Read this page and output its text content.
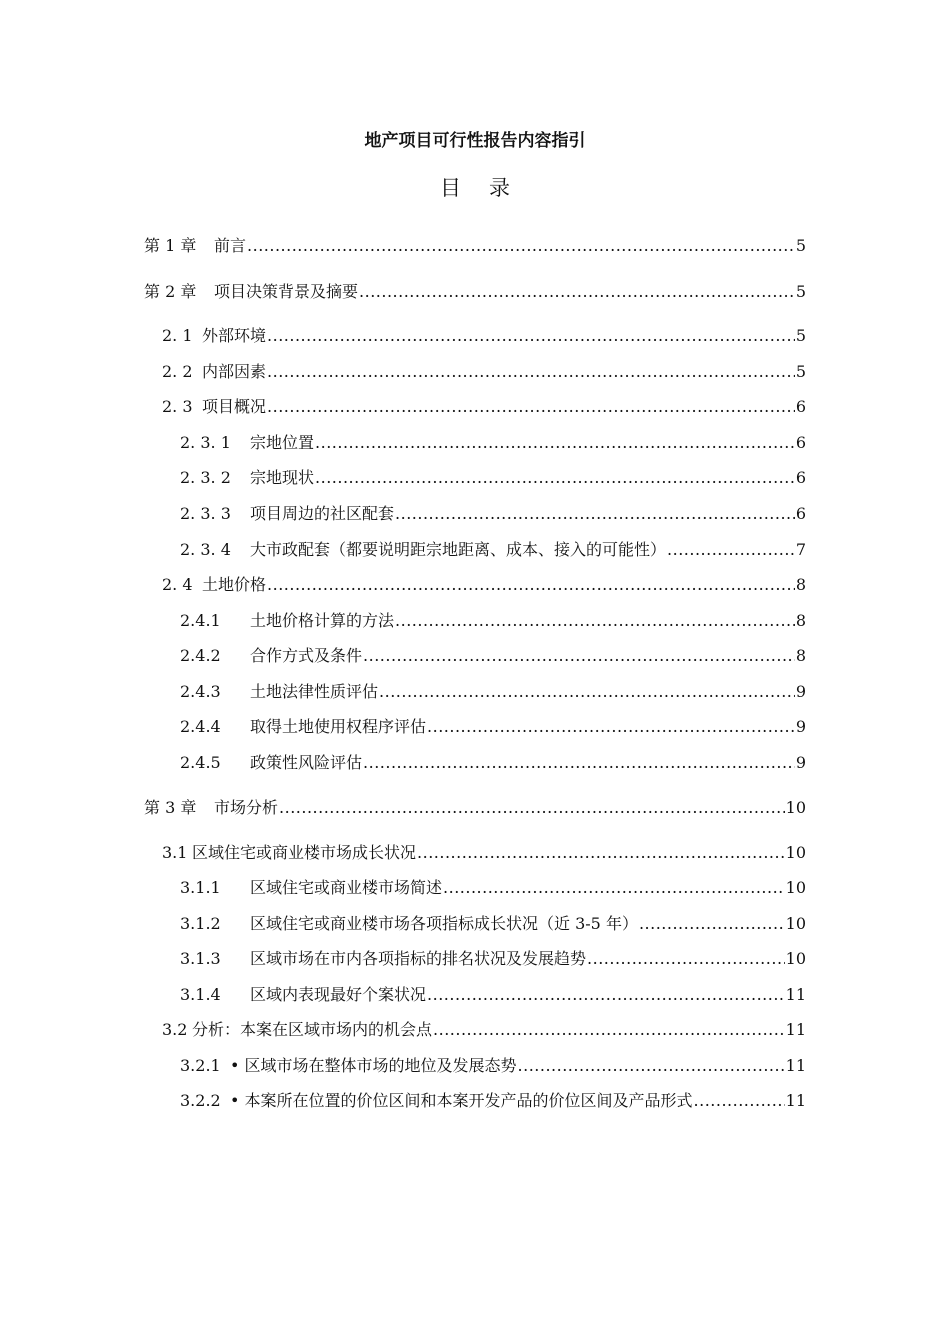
地产项目可行性报告内容指引
目录
第 1 章	前言 .....	5
第 2 章	项目决策背景及摘要 .....	5
2. 1 外部环境 .....	5
2. 2 内部因素 .....	5
2. 3 项目概况 .....	6
2. 3. 1	宗地位置 .....	6
2. 3. 2	宗地现状 .....	6
2. 3. 3	项目周边的社区配套 .....	6
2. 3. 4	大市政配套（都要说明距宗地距离、成本、接入的可能性） .....	7
2. 4 土地价格 .....	8
2.4.1	土地价格计算的方法 .....	8
2.4.2	合作方式及条件 .....	8
2.4.3	土地法律性质评估 .....	9
2.4.4	取得土地使用权程序评估 .....	9
2.4.5	政策性风险评估 .....	9
第 3 章	市场分析 .....	10
3.1 区域住宅或商业楼市场成长状况 .....	10
3.1.1	区域住宅或商业楼市场简述 .....	10
3.1.2	区域住宅或商业楼市场各项指标成长状况（近 3-5 年） .....	10
3.1.3	区域市场在市内各项指标的排名状况及发展趋势 .....	10
3.1.4	区域内表现最好个案状况 .....	11
3.2 分析：本案在区域市场内的机会点 .....	11
3.2.1 • 区域市场在整体市场的地位及发展态势 .....	11
3.2.2 • 本案所在位置的价位区间和本案开发产品的价位区间及产品形式 .....	11
